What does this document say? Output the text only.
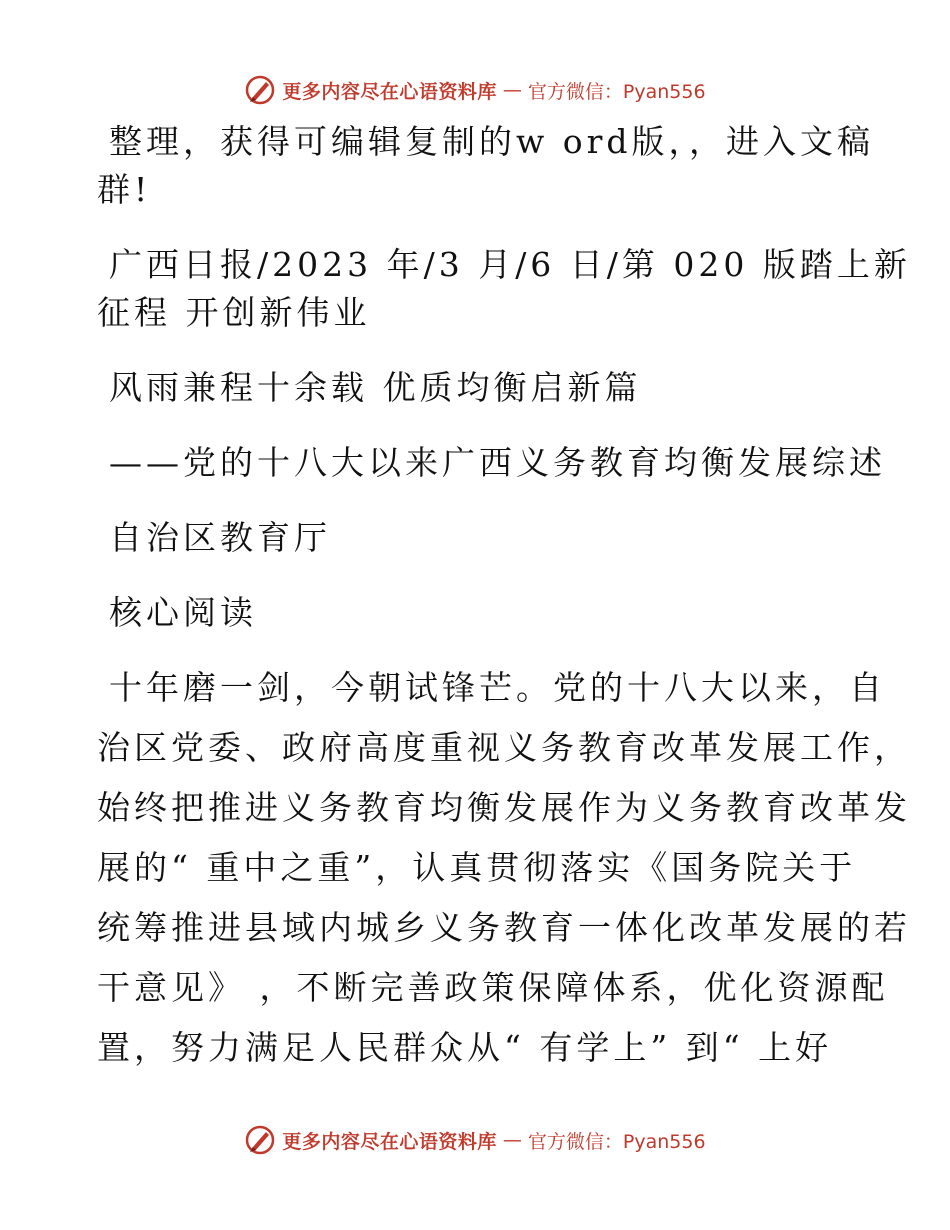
更多内容尽在心语资料库 — 官方微信：Pyan556
整理，获得可编辑复制的w ord版，，进入文稿
群!
广西日报/2023 年/3 月/6 日/第 020 版踏上新
征程 开创新伟业
风雨兼程十余载 优质均衡启新篇
——党的十八大以来广西义务教育均衡发展综述
自治区教育厅
核心阅读
十年磨一剑，今朝试锋芒。党的十八大以来，自
治区党委、政府高度重视义务教育改革发展工作，
始终把推进义务教育均衡发展作为义务教育改革发
展的“ 重中之重”，认真贯彻落实《国务院关于
统筹推进县域内城乡义务教育一体化改革发展的若
干意见》 ，不断完善政策保障体系，优化资源配
置，努力满足人民群众从“ 有学上” 到“ 上好
更多内容尽在心语资料库 — 官方微信：Pyan556
